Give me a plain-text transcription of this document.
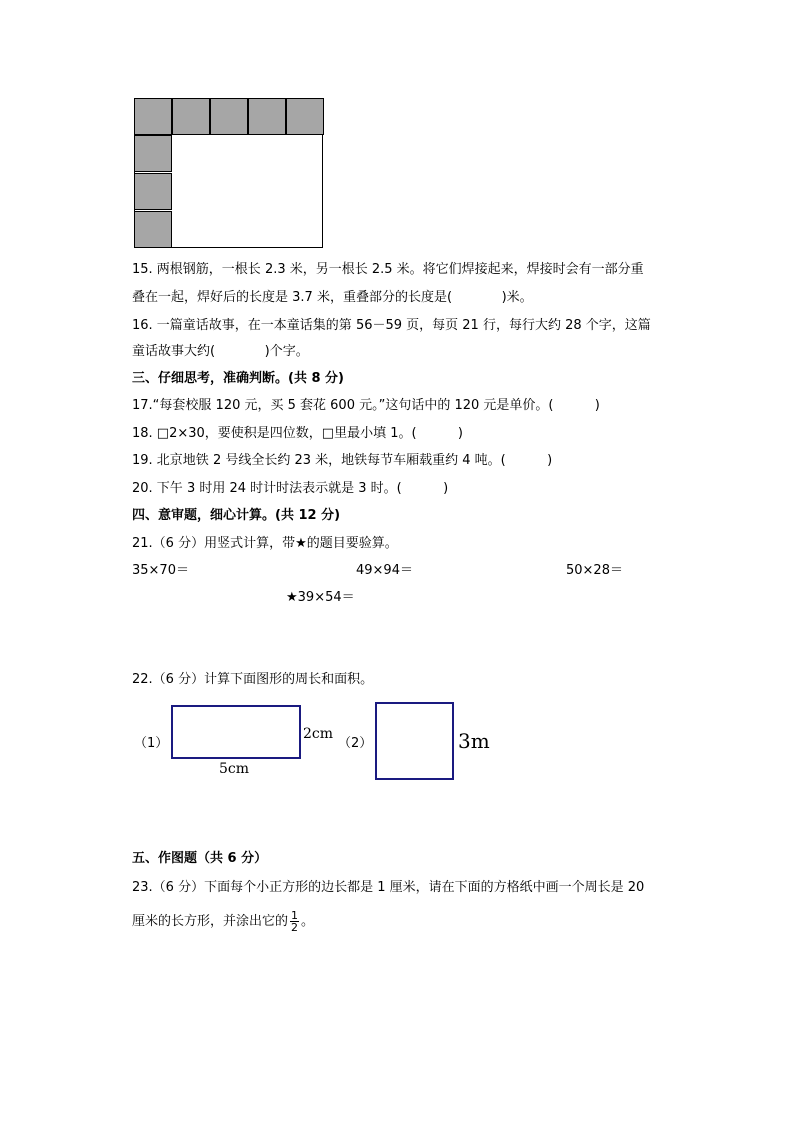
15. 两根钢筋，一根长 2.3 米，另一根长 2.5 米。将它们焊接起来，焊接时会有一部分重
叠在一起，焊好后的长度是 3.7 米，重叠部分的长度是(            )米。
16. 一篇童话故事，在一本童话集的第 56－59 页，每页 21 行，每行大约 28 个字，这篇
童话故事大约(            )个字。
三、仔细思考，准确判断。(共 8 分)
17.“每套校服 120 元，买 5 套花 600 元。”这句话中的 120 元是单价。(          )
18. □2×30，要使积是四位数，□里最小填 1。(          )
19. 北京地铁 2 号线全长约 23 米，地铁每节车厢载重约 4 吨。(          )
20. 下午 3 时用 24 时计时法表示就是 3 时。(          )
四、意审题，细心计算。(共 12 分)
21.（6 分）用竖式计算，带★的题目要验算。
35×70＝	49×94＝	50×28＝
★39×54＝
22.（6 分）计算下面图形的周长和面积。
（1）
2cm
5cm
（2）	3m
五、作图题（共 6 分）
23.（6 分）下面每个小正方形的边长都是 1 厘米，请在下面的方格纸中画一个周长是 20
厘米的长方形，并涂出它的 $\frac{1}{2}$ 。
